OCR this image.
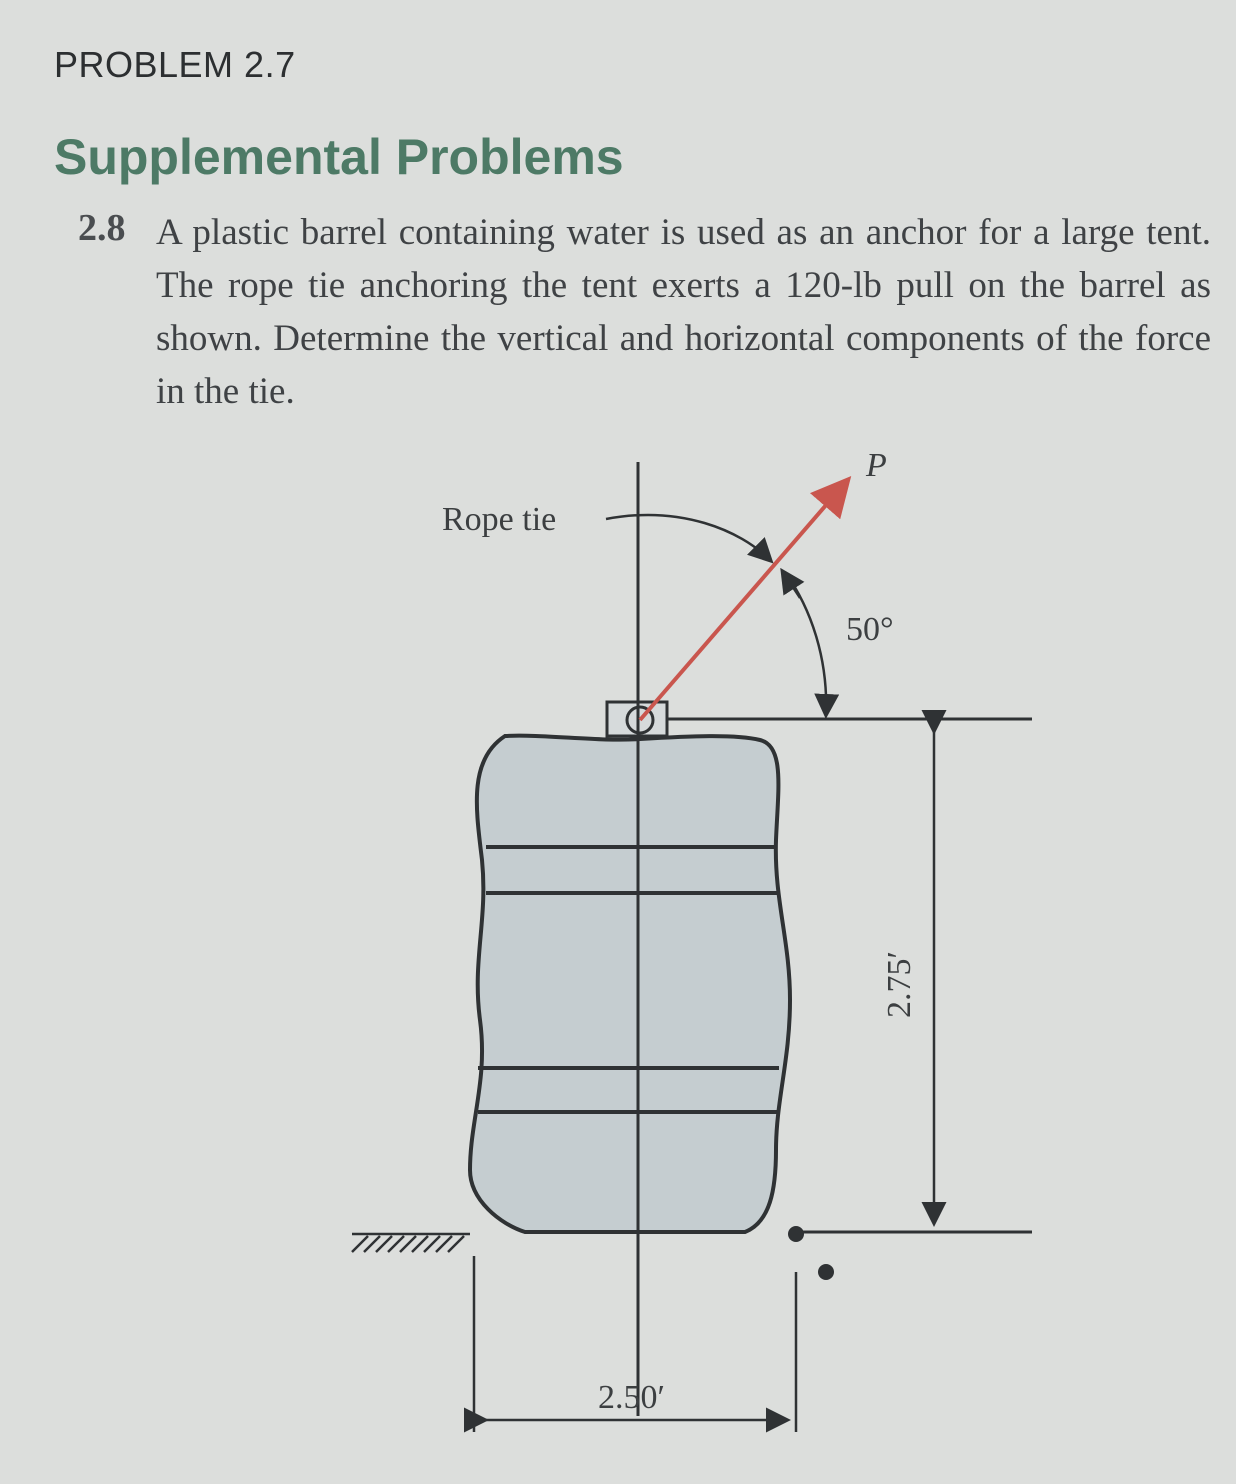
PROBLEM 2.7
Supplemental Problems
2.8 A plastic barrel containing water is used as an anchor for a large tent. The rope tie anchoring the tent exerts a 120-lb pull on the barrel as shown. Determine the vertical and horizontal components of the force in the tie.
Rope tie
P
50°
2.75′
2.50′
